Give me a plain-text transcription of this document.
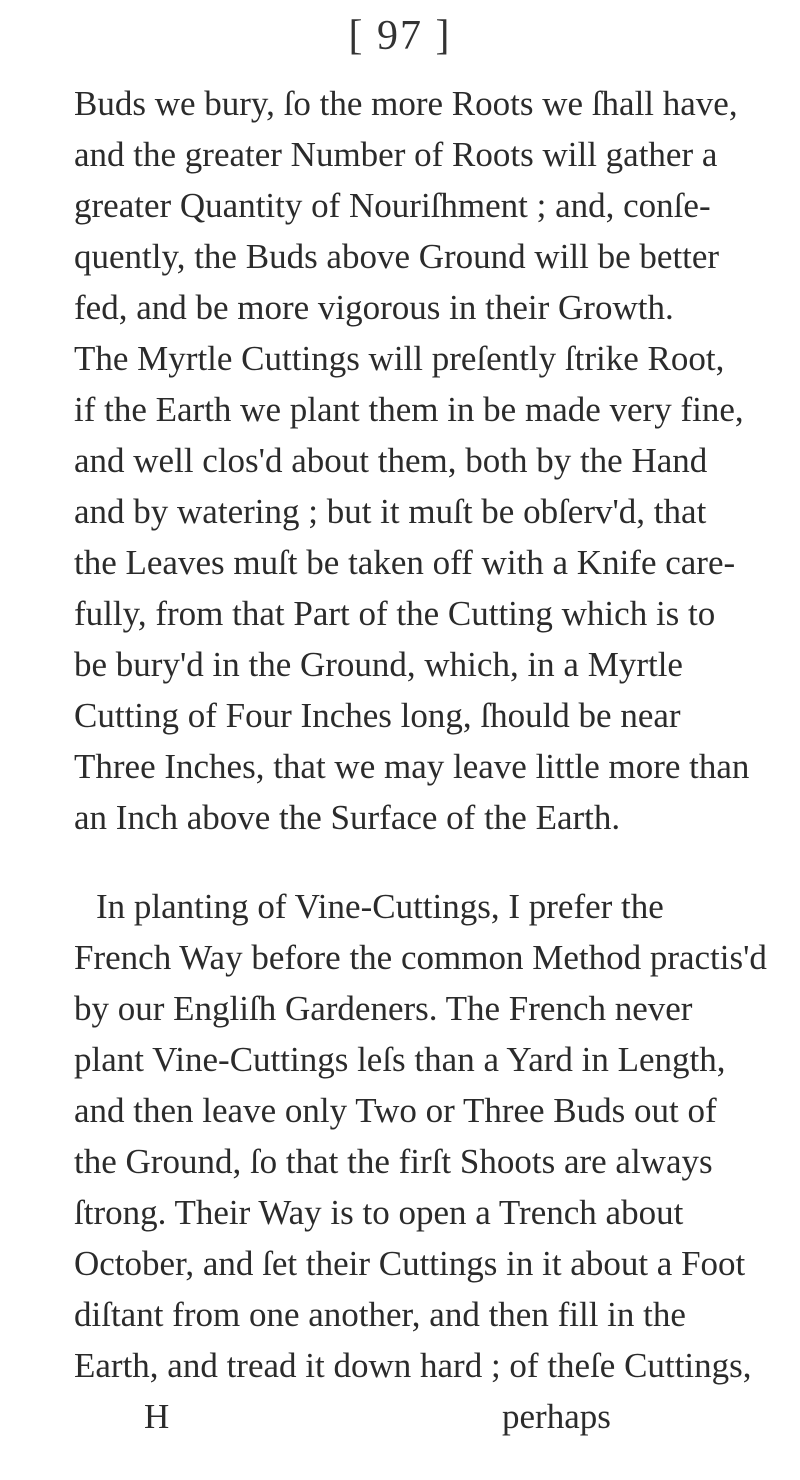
[ 97 ]
Buds we bury, ſo the more Roots we ſhall have,
and the greater Number of Roots will gather a
greater Quantity of Nouriſhment ; and, conſe-
quently, the Buds above Ground will be better
fed, and be more vigorous in their Growth.
The Myrtle Cuttings will preſently ſtrike Root,
if the Earth we plant them in be made very fine,
and well clos'd about them, both by the Hand
and by watering ; but it muſt be obſerv'd, that
the Leaves muſt be taken off with a Knife care-
fully, from that Part of the Cutting which is to
be bury'd in the Ground, which, in a Myrtle
Cutting of Four Inches long, ſhould be near
Three Inches, that we may leave little more than
an Inch above the Surface of the Earth.
In planting of Vine-Cuttings, I prefer the
French Way before the common Method practis'd
by our Engliſh Gardeners. The French never
plant Vine-Cuttings leſs than a Yard in Length,
and then leave only Two or Three Buds out of
the Ground, ſo that the firſt Shoots are always
ſtrong. Their Way is to open a Trench about
October, and ſet their Cuttings in it about a Foot
diſtant from one another, and then fill in the
Earth, and tread it down hard ; of theſe Cuttings,
H	perhaps
